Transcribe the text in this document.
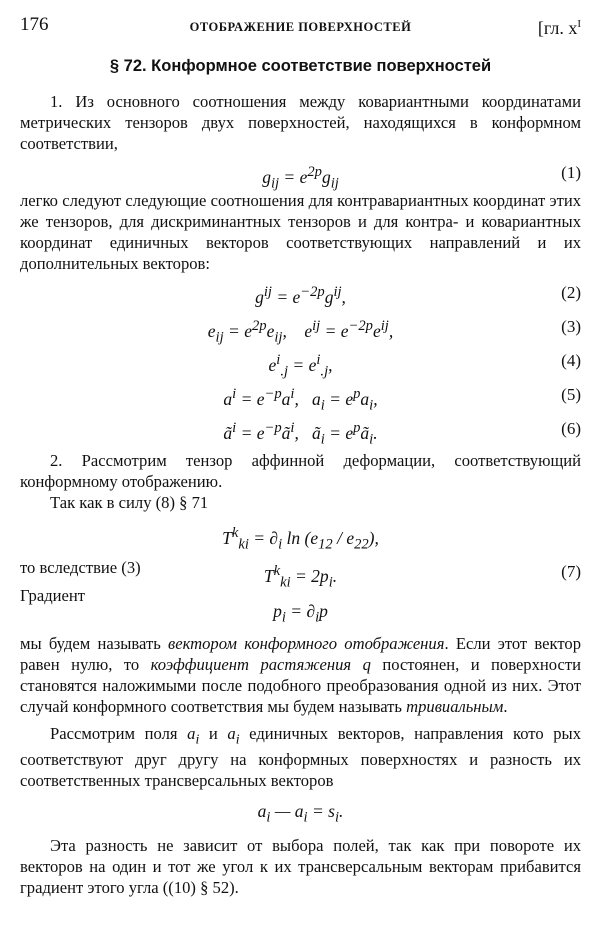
176	ОТОБРАЖЕНИЕ ПОВЕРХНОСТЕЙ	[гл. $x^I$
§ 72. Конформное соответствие поверхностей

1. Из основного соотношения между ковариантными координатами метрических тензоров двух поверхностей, находящихся в конформном соответствии,

$g_{ij} = e^{2p}g_{ij}$
(1)

легко следуют следующие соотношения для контравариантных координат этих же тензоров, для дискриминантных тензоров и для контра- и ковариантных координат единичных векторов соответствующих направлений и их дополнительных векторов:

$g^{ij} = e^{-2p}g^{ij}$,	(2)
$e_{ij} = e^{2p}e_{ij}$,    $e^{ij} = e^{-2p}e^{ij}$,	(3)
$e^i_{.j} = e^i_{.j}$,	(4)
$a^i = e^{-p}a^i$,   $a_i = e^pa_i$,	(5)
$ã^i$ = $e^{-p}ã^i$,   $ã_i$ = $e^pã_i$.	(6)

2. Рассмотрим тензор аффинной деформации, соответствующий конформному отображению.

Так как в силу (8) § 71

$T^k_{ki} = \partial_i$ $\ln (e_{12} / e_{22})$,
то вследствие (3)	$T^k_{ki} = 2p_i$.	(7)
Градиент
$p_i = \partial_ip$

мы будем называть вектором конформного отображения. Если этот вектор равен нулю, то коэффициент растяжения q постоянен, и поверхности становятся наложимыми после подобного преобразования одной из них. Этот случай конформного соответствия мы будем называть тривиальным.

Рассмотрим поля $a_i$ и $a_i$ единичных векторов, направления кото рых соответствуют друг другу на конформных поверхностях и разность их соответственных трансверсальных векторов

$a_i$ — $a_i = s_i$.

Эта разность не зависит от выбора полей, так как при повороте их векторов на один и тот же угол к их трансверсальным векторам прибавится градиент этого угла ((10) § 52).
